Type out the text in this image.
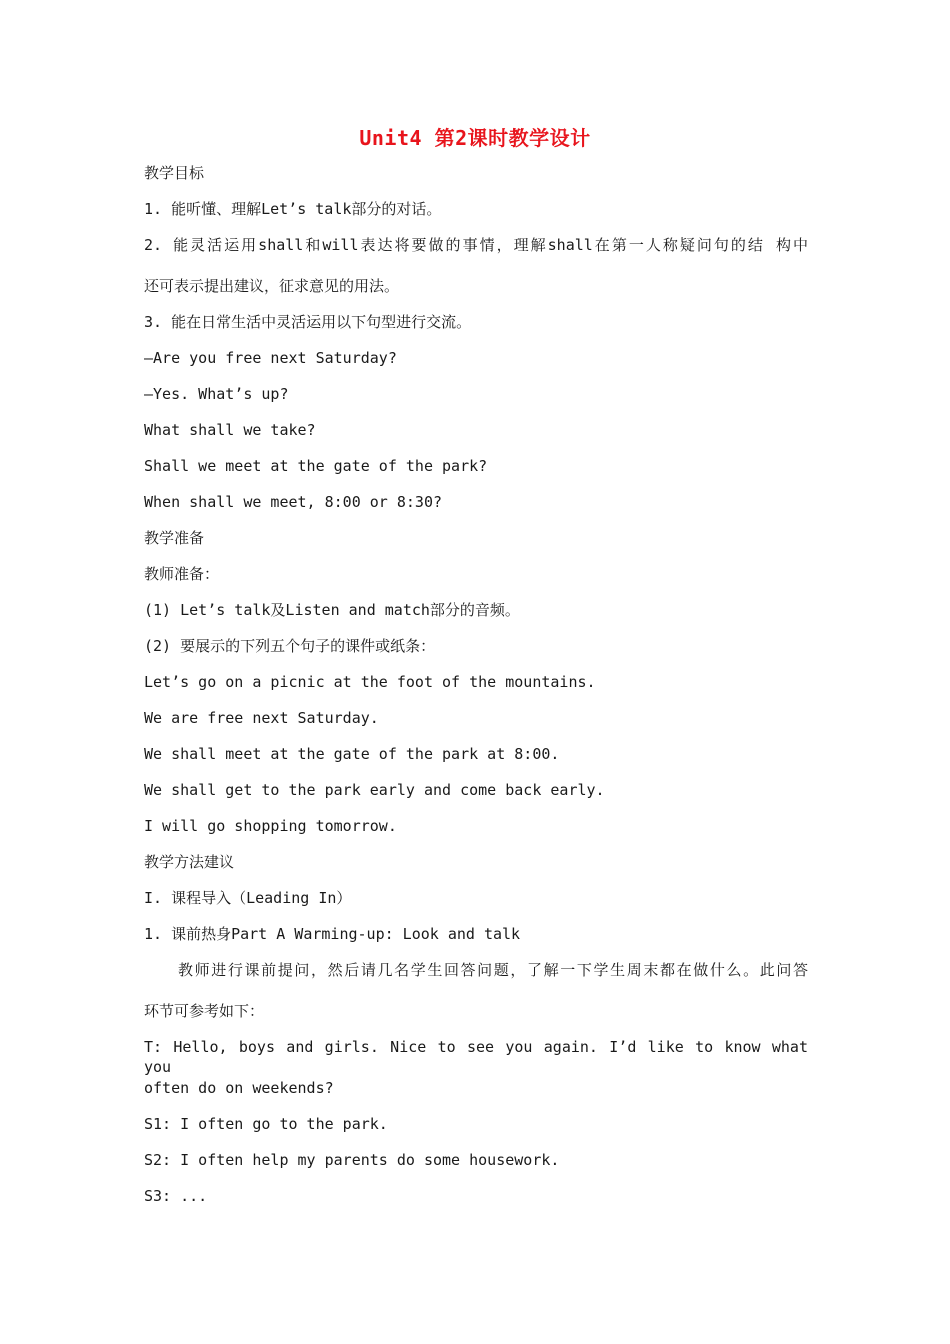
Unit4 第2课时教学设计
教学目标
1. 能听懂、理解Let’s talk部分的对话。
2. 能灵活运用shall和will表达将要做的事情，理解shall在第一人称疑问句的结 构中
还可表示提出建议，征求意见的用法。
3. 能在日常生活中灵活运用以下句型进行交流。
—Are you free next Saturday?
—Yes. What’s up?
What shall we take?
Shall we meet at the gate of the park?
When shall we meet, 8:00 or 8:30?
教学准备
教师准备：
(1) Let’s talk及Listen and match部分的音频。
(2) 要展示的下列五个句子的课件或纸条：
Let’s go on a picnic at the foot of the mountains.
We are free next Saturday.
We shall meet at the gate of the park at 8:00.
We shall get to the park early and come back early.
I will go shopping tomorrow.
教学方法建议
I. 课程导入（Leading In）
1. 课前热身Part A Warming-up: Look and talk
教师进行课前提问，然后请几名学生回答问题，了解一下学生周末都在做什么。此问答
环节可参考如下：
T: Hello, boys and girls. Nice to see you again. I’d like to know what you
often do on weekends?
S1: I often go to the park.
S2: I often help my parents do some housework.
S3: ...
